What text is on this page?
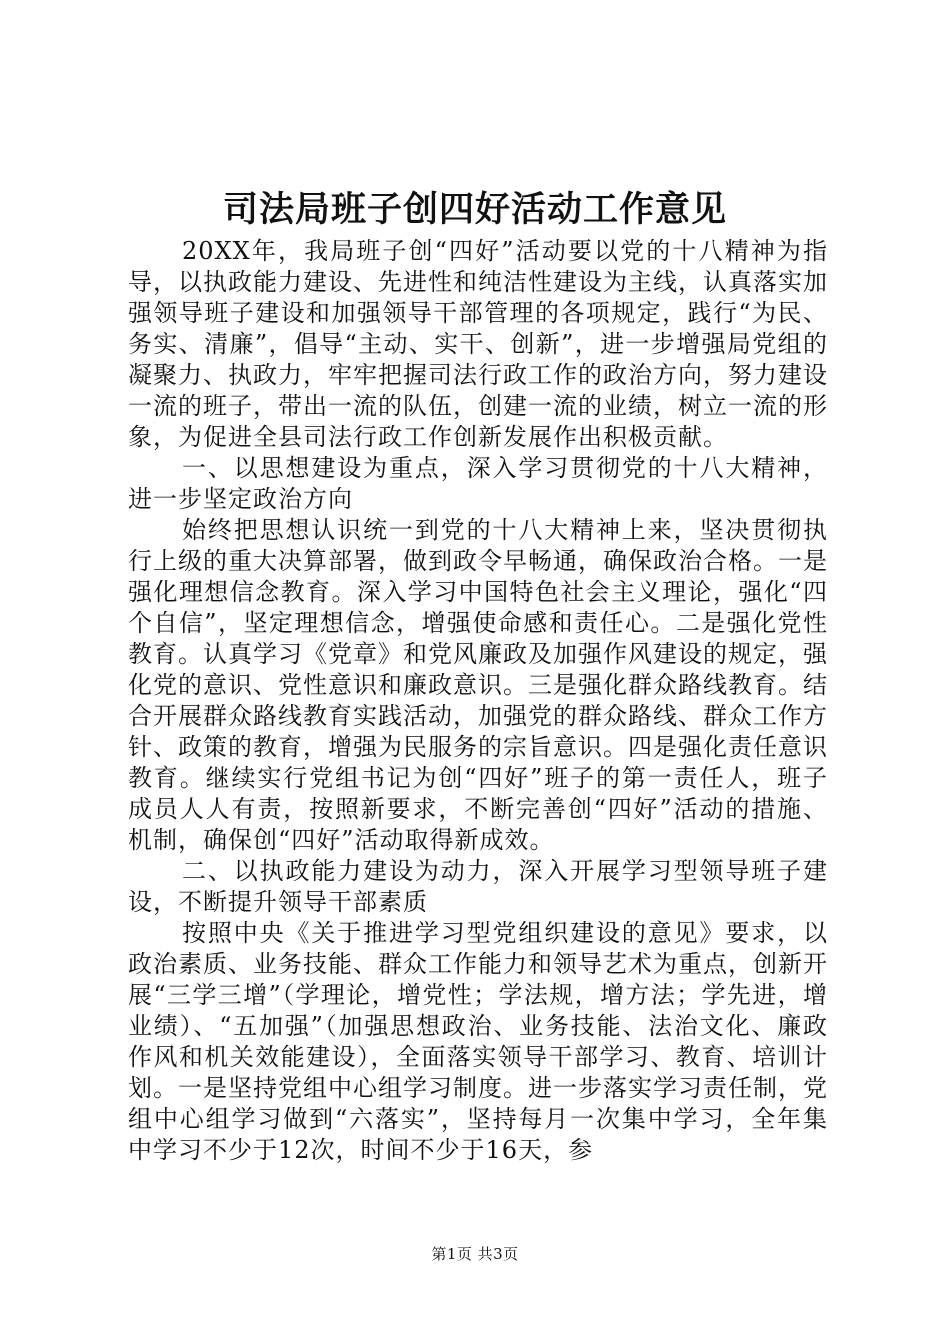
司法局班子创四好活动工作意见

20XX年，我局班子创“四好”活动要以党的十八精神为指导，以执政能力建设、先进性和纯洁性建设为主线，认真落实加强领导班子建设和加强领导干部管理的各项规定，践行“为民、务实、清廉”，倡导“主动、实干、创新”，进一步增强局党组的凝聚力、执政力，牢牢把握司法行政工作的政治方向，努力建设一流的班子，带出一流的队伍，创建一流的业绩，树立一流的形象，为促进全县司法行政工作创新发展作出积极贡献。

一、以思想建设为重点，深入学习贯彻党的十八大精神，进一步坚定政治方向

始终把思想认识统一到党的十八大精神上来，坚决贯彻执行上级的重大决算部署，做到政令早畅通，确保政治合格。一是强化理想信念教育。深入学习中国特色社会主义理论，强化“四个自信”，坚定理想信念，增强使命感和责任心。二是强化党性教育。认真学习《党章》和党风廉政及加强作风建设的规定，强化党的意识、党性意识和廉政意识。三是强化群众路线教育。结合开展群众路线教育实践活动，加强党的群众路线、群众工作方针、政策的教育，增强为民服务的宗旨意识。四是强化责任意识教育。继续实行党组书记为创“四好”班子的第一责任人，班子成员人人有责，按照新要求，不断完善创“四好”活动的措施、机制，确保创“四好”活动取得新成效。

二、以执政能力建设为动力，深入开展学习型领导班子建设，不断提升领导干部素质

按照中央《关于推进学习型党组织建设的意见》要求，以政治素质、业务技能、群众工作能力和领导艺术为重点，创新开展“三学三增”（学理论，增党性；学法规，增方法；学先进，增业绩）、“五加强”（加强思想政治、业务技能、法治文化、廉政作风和机关效能建设），全面落实领导干部学习、教育、培训计划。一是坚持党组中心组学习制度。进一步落实学习责任制，党组中心组学习做到“六落实”，坚持每月一次集中学习，全年集中学习不少于12次，时间不少于16天，参

第1页 共3页
